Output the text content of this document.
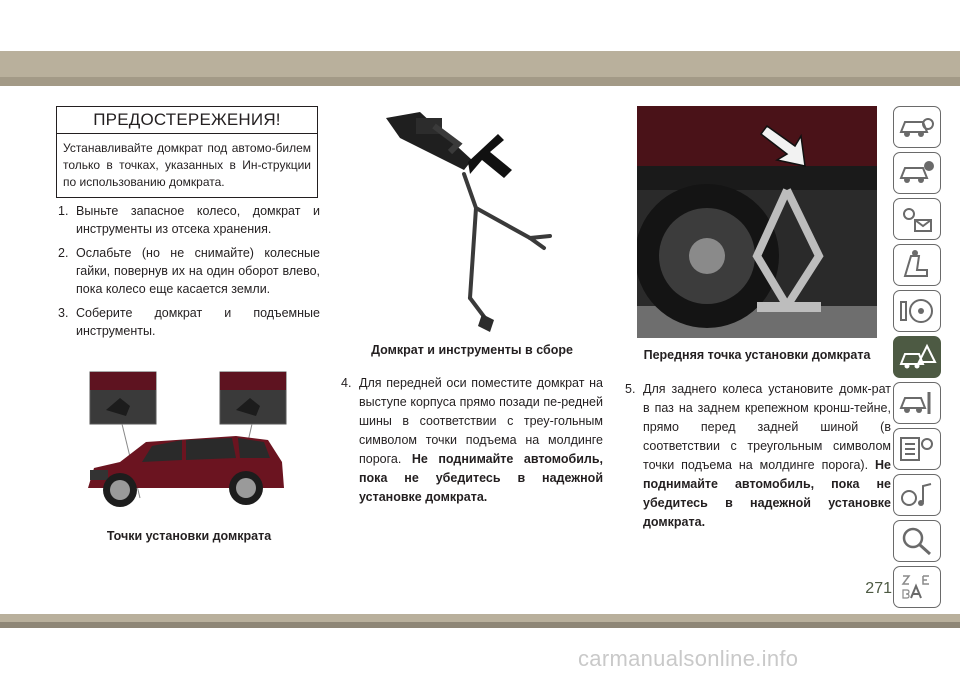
ПРЕДОСТЕРЕЖЕНИЯ!
Устанавливайте домкрат под автомо-билем только в точках, указанных в Ин-струкции по использованию домкрата.
1. Выньте запасное колесо, домкрат и инструменты из отсека хранения.
2. Ослабьте (но не снимайте) колесные гайки, повернув их на один оборот влево, пока колесо еще касается земли.
3. Соберите домкрат и подъемные инструменты.
Точки установки домкрата
Домкрат и инструменты в сборе
4. Для передней оси поместите домкрат на выступе корпуса прямо позади пе-редней шины в соответствии с треу-гольным символом точки подъема на молдинге порога. Не поднимайте автомобиль, пока не убедитесь в надежной установке домкрата.
Передняя точка установки домкрата
5. Для заднего колеса установите домк-рат в паз на заднем крепежном кронш-тейне, прямо перед задней шиной (в соответствии с треугольным символом точки подъема на молдинге порога). Не поднимайте автомобиль, пока не убедитесь в надежной установке домкрата.
271
carmanualsonline.info
